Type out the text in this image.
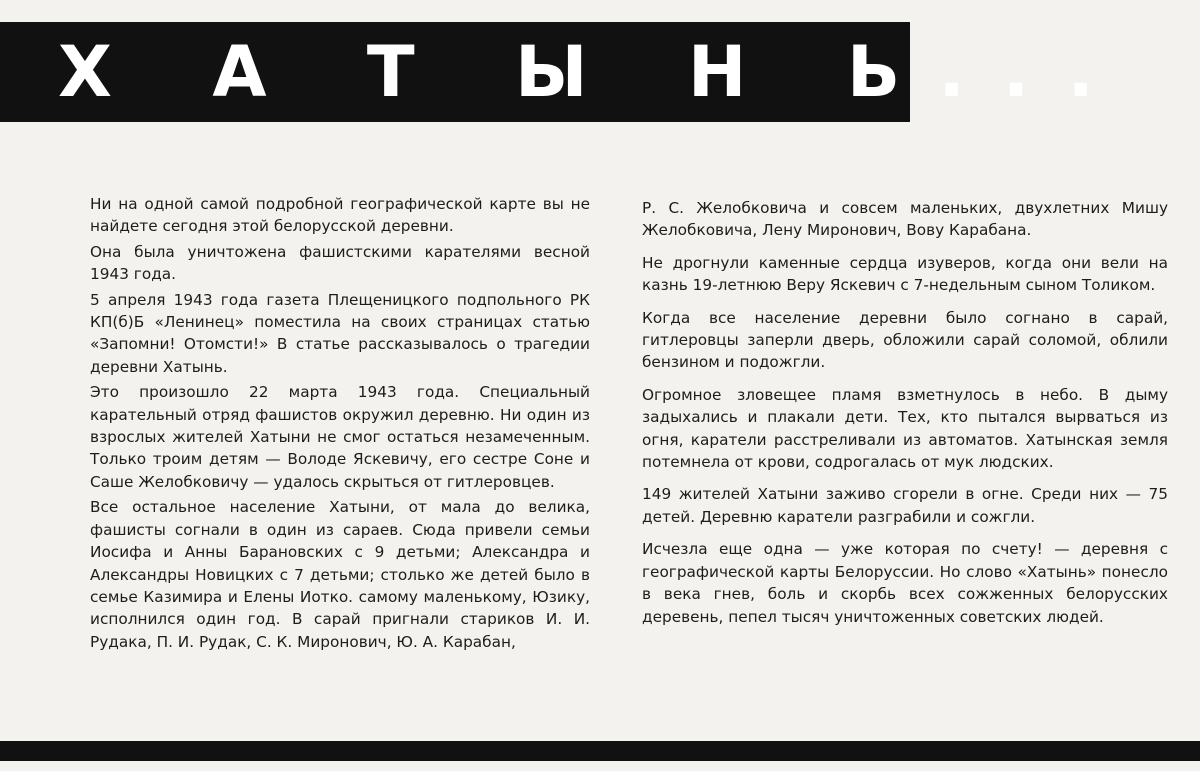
Х А Т Ы Н Ь...

Ни на одной самой подробной географической карте вы не найдете сегодня этой белорусской деревни.

Она была уничтожена фашистскими карателями весной 1943 года.

5 апреля 1943 года газета Плещеницкого подпольного РК КП(б)Б «Ленинец» поместила на своих страницах статью «Запомни! Отомсти!» В статье рассказывалось о трагедии деревни Хатынь.

Это произошло 22 марта 1943 года. Специальный карательный отряд фашистов окружил деревню. Ни один из взрослых жителей Хатыни не смог остаться незамеченным. Только троим детям — Володе Яскевичу, его сестре Соне и Саше Желобковичу — удалось скрыться от гитлеровцев.

Все остальное население Хатыни, от мала до велика, фашисты согнали в один из сараев. Сюда привели семьи Иосифа и Анны Барановских с 9 детьми; Александра и Александры Новицких с 7 детьми; столько же детей было в семье Казимира и Елены Иотко. самому маленькому, Юзику, исполнился один год. В сарай пригнали стариков И. И. Рудака, П. И. Рудак, С. К. Миронович, Ю. А. Карабан,

Р. С. Желобковича и совсем маленьких, двухлетних Мишу Желобковича, Лену Миронович, Вову Карабана.

Не дрогнули каменные сердца изуверов, когда они вели на казнь 19-летнюю Веру Яскевич с 7-недельным сыном Толиком.

Когда все население деревни было согнано в сарай, гитлеровцы заперли дверь, обложили сарай соломой, облили бензином и подожгли.

Огромное зловещее пламя взметнулось в небо. В дыму задыхались и плакали дети. Тех, кто пытался вырваться из огня, каратели расстреливали из автоматов. Хатынская земля потемнела от крови, содрогалась от мук людских.

149 жителей Хатыни заживо сгорели в огне. Среди них — 75 детей. Деревню каратели разграбили и сожгли.

Исчезла еще одна — уже которая по счету! — деревня с географической карты Белоруссии. Но слово «Хатынь» понесло в века гнев, боль и скорбь всех сожженных белорусских деревень, пепел тысяч уничтоженных советских людей.
